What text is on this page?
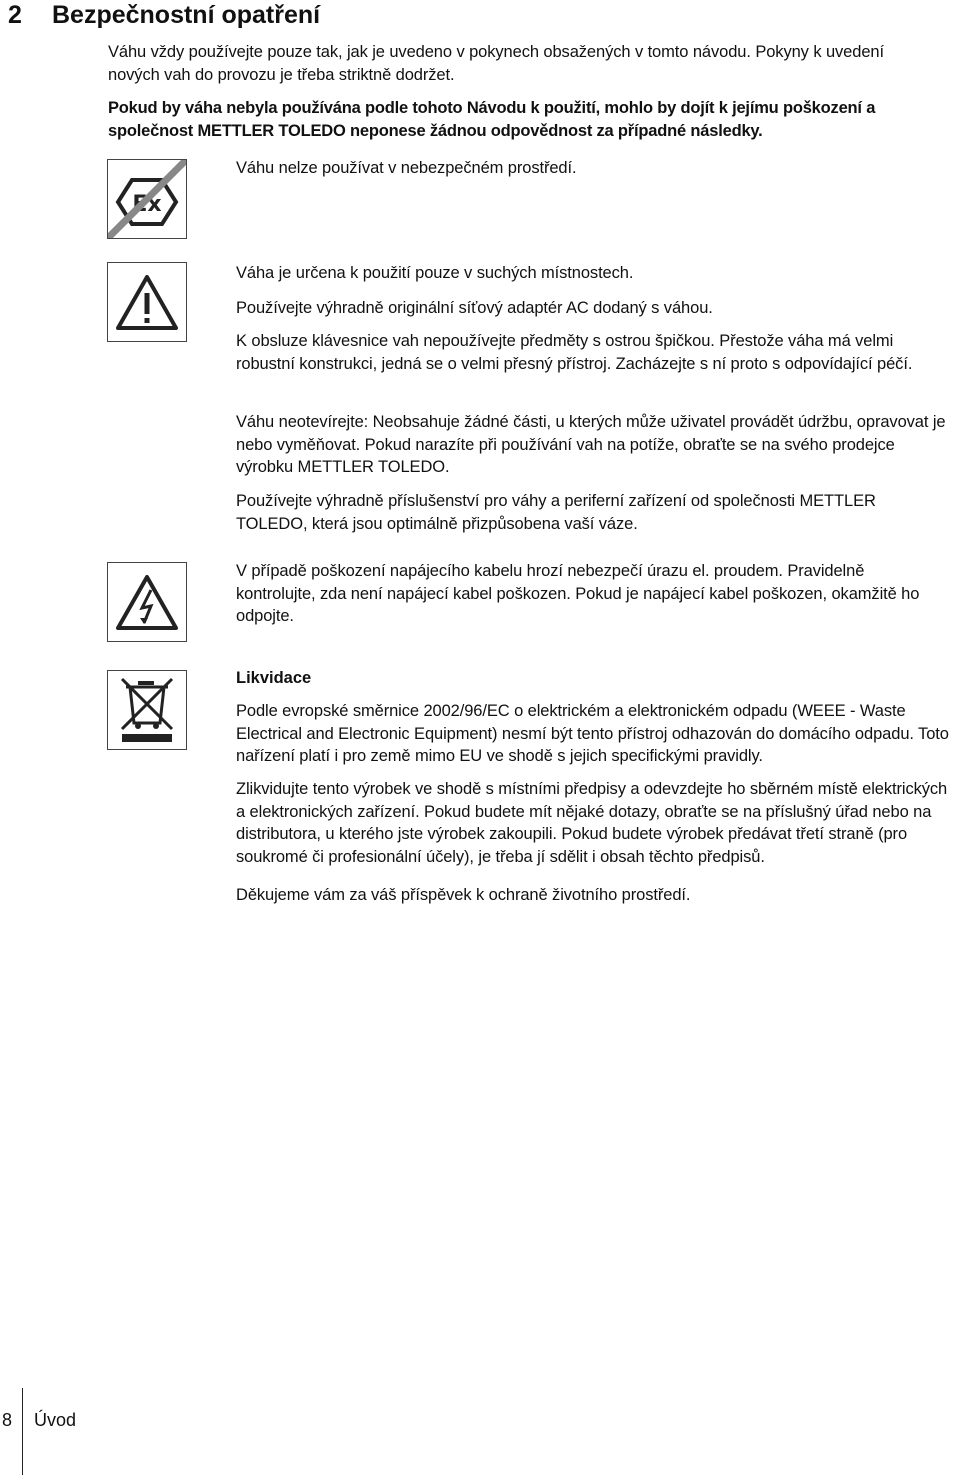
2 Bezpečnostní opatření
Váhu vždy používejte pouze tak, jak je uvedeno v pokynech obsažených v tomto návodu. Pokyny k uvedení nových vah do provozu je třeba striktně dodržet.
Pokud by váha nebyla používána podle tohoto Návodu k použití, mohlo by dojít k jejímu poškození a společnost METTLER TOLEDO neponese žádnou odpovědnost za případné následky.
Ex
Váhu nelze používat v nebezpečném prostředí.
Váha je určena k použití pouze v suchých místnostech.
Používejte výhradně originální síťový adaptér AC dodaný s váhou.
K obsluze klávesnice vah nepoužívejte předměty s ostrou špičkou. Přestože váha má velmi robustní konstrukci, jedná se o velmi přesný přístroj. Zacházejte s ní proto s odpovídající péčí.
Váhu neotevírejte: Neobsahuje žádné části, u kterých může uživatel provádět údržbu, opravovat je nebo vyměňovat. Pokud narazíte při používání vah na potíže, obraťte se na svého prodejce výrobku METTLER TOLEDO.
Používejte výhradně příslušenství pro váhy a periferní zařízení od společnosti METTLER TOLEDO, která jsou optimálně přizpůsobena vaší váze.
V případě poškození napájecího kabelu hrozí nebezpečí úrazu el. proudem. Pravidelně kontrolujte, zda není napájecí kabel poškozen. Pokud je napájecí kabel poškozen, okamžitě ho odpojte.
Likvidace
Podle evropské směrnice 2002/96/EC o elektrickém a elektronickém odpadu (WEEE - Waste Electrical and Electronic Equipment) nesmí být tento přístroj odhazován do domácího odpadu. Toto nařízení platí i pro země mimo EU ve shodě s jejich specifickými pravidly.
Zlikvidujte tento výrobek ve shodě s místními předpisy a odevzdejte ho sběrném místě elektrických a elektronických zařízení. Pokud budete mít nějaké dotazy, obraťte se na příslušný úřad nebo na distributora, u kterého jste výrobek zakoupili. Pokud budete výrobek předávat třetí straně (pro soukromé či profesionální účely), je třeba jí sdělit i obsah těchto předpisů.
Děkujeme vám za váš příspěvek k ochraně životního prostředí.
8 Úvod
